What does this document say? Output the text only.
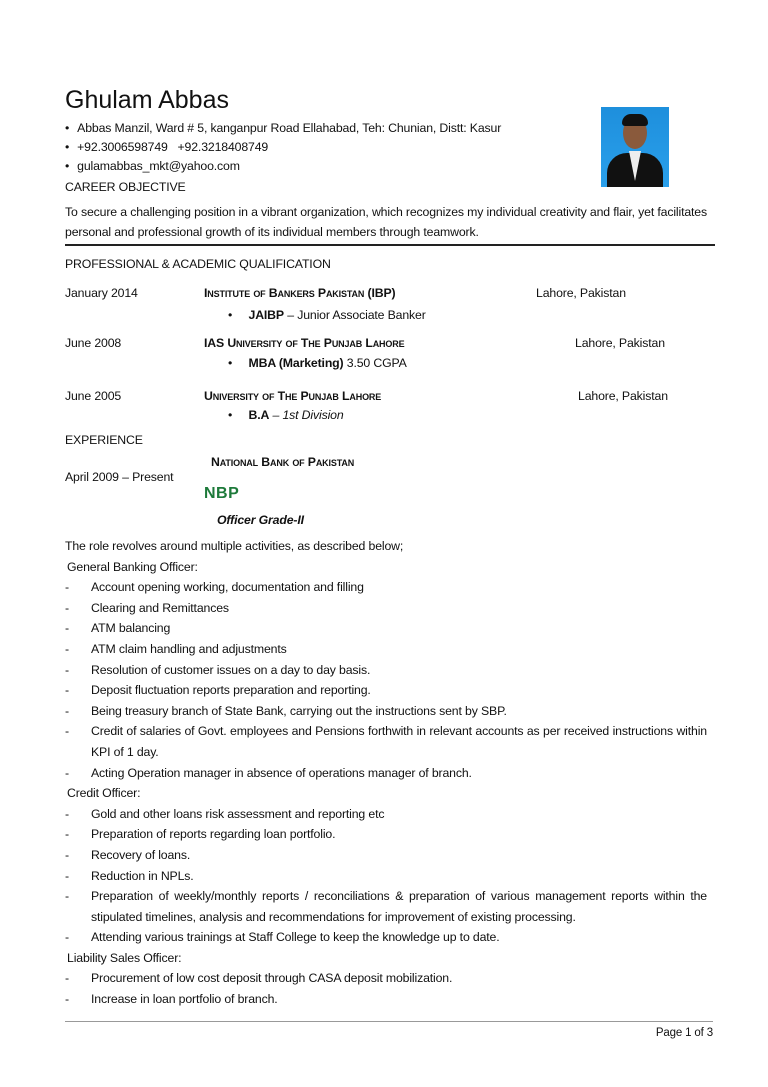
Ghulam Abbas
• Abbas Manzil, Ward # 5, kanganpur Road Ellahabad, Teh: Chunian, Distt: Kasur
• +92.3006598749   +92.3218408749
• gulamabbas_mkt@yahoo.com
CAREER OBJECTIVE
To secure a challenging position in a vibrant organization, which recognizes my individual creativity and flair, yet facilitates personal and professional growth of its individual members through teamwork.
PROFESSIONAL & ACADEMIC QUALIFICATION
January 2014	Institute of Bankers Pakistan (IBP)	Lahore, Pakistan
•     JAIBP – Junior Associate Banker
June 2008	IAS University of The Punjab Lahore	Lahore, Pakistan
•     MBA (Marketing) 3.50 CGPA
June 2005	University of The Punjab Lahore	Lahore, Pakistan
•     B.A – 1st Division
EXPERIENCE
National Bank of Pakistan
April 2009 – Present
NBP
Officer Grade-II
The role revolves around multiple activities, as described below;
General Banking Officer:
-	Account opening working, documentation and filling
-	Clearing and Remittances
-	ATM balancing
-	ATM claim handling and adjustments
-	Resolution of customer issues on a day to day basis.
-	Deposit fluctuation reports preparation and reporting.
-	Being treasury branch of State Bank, carrying out the instructions sent by SBP.
-	Credit of salaries of Govt. employees and Pensions forthwith in relevant accounts as per received instructions within KPI of 1 day.
-	Acting Operation manager in absence of operations manager of branch.
Credit Officer:
-	Gold and other loans risk assessment and reporting etc
-	Preparation of reports regarding loan portfolio.
-	Recovery of loans.
-	Reduction in NPLs.
-	Preparation of weekly/monthly reports / reconciliations & preparation of various management reports within the stipulated timelines, analysis and recommendations for improvement of existing processing.
-	Attending various trainings at Staff College to keep the knowledge up to date.
Liability Sales Officer:
-	Procurement of low cost deposit through CASA deposit mobilization.
-	Increase in loan portfolio of branch.
Page 1 of 3
